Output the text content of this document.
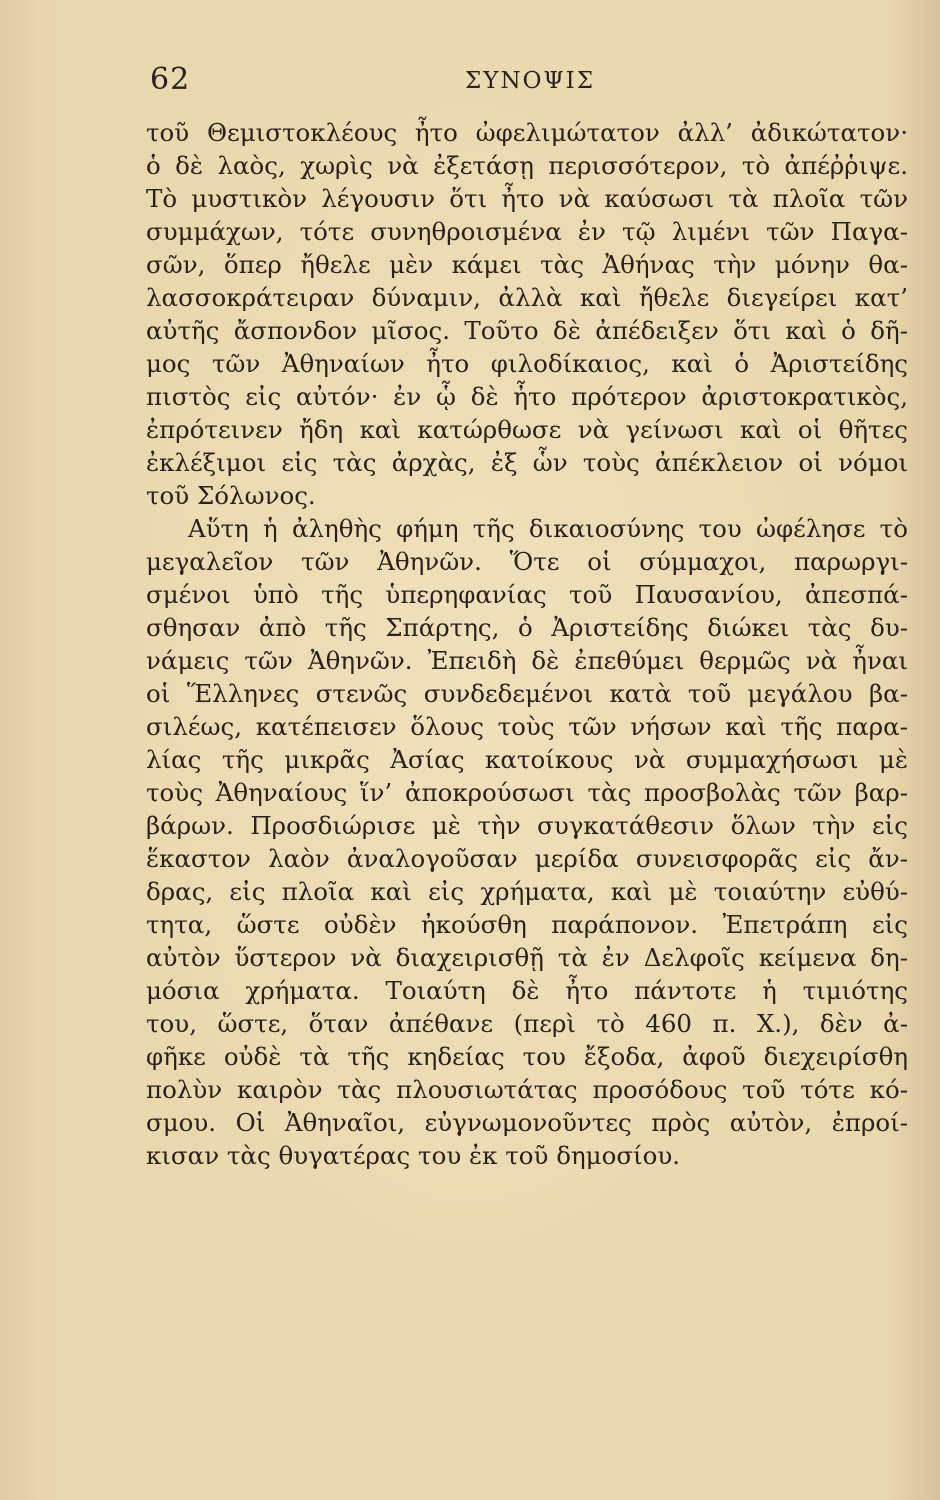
62	ΣΥΝΟΨΙΣ
τοῦ Θεμιστοκλέους ἦτο ὠφελιμώτατον ἀλλ’ ἀδικώτατον·
ὁ δὲ λαὸς, χωρὶς νὰ ἐξετάσῃ περισσότερον, τὸ ἀπέῤῥιψε.
Τὸ μυστικὸν λέγουσιν ὅτι ἦτο νὰ καύσωσι τὰ πλοῖα τῶν
συμμάχων, τότε συνηθροισμένα ἐν τῷ λιμένι τῶν Παγα-
σῶν, ὅπερ ἤθελε μὲν κάμει τὰς Ἀθήνας τὴν μόνην θα-
λασσοκράτειραν δύναμιν, ἀλλὰ καὶ ἤθελε διεγείρει κατ’
αὐτῆς ἄσπονδον μῖσος. Τοῦτο δὲ ἀπέδειξεν ὅτι καὶ ὁ δῆ-
μος τῶν Ἀθηναίων ἦτο φιλοδίκαιος, καὶ ὁ Ἀριστείδης
πιστὸς εἰς αὐτόν· ἐν ᾧ δὲ ἦτο πρότερον ἀριστοκρατικὸς,
ἐπρότεινεν ἤδη καὶ κατώρθωσε νὰ γείνωσι καὶ οἱ θῆτες
ἐκλέξιμοι εἰς τὰς ἀρχὰς, ἐξ ὧν τοὺς ἀπέκλειον οἱ νόμοι
τοῦ Σόλωνος.
Αὕτη ἡ ἀληθὴς φήμη τῆς δικαιοσύνης του ὠφέλησε τὸ
μεγαλεῖον τῶν Ἀθηνῶν. Ὅτε οἱ σύμμαχοι, παρωργι-
σμένοι ὑπὸ τῆς ὑπερηφανίας τοῦ Παυσανίου, ἀπεσπά-
σθησαν ἀπὸ τῆς Σπάρτης, ὁ Ἀριστείδης διώκει τὰς δυ-
νάμεις τῶν Ἀθηνῶν. Ἐπειδὴ δὲ ἐπεθύμει θερμῶς νὰ ἦναι
οἱ Ἕλληνες στενῶς συνδεδεμένοι κατὰ τοῦ μεγάλου βα-
σιλέως, κατέπεισεν ὅλους τοὺς τῶν νήσων καὶ τῆς παρα-
λίας τῆς μικρᾶς Ἀσίας κατοίκους νὰ συμμαχήσωσι μὲ
τοὺς Ἀθηναίους ἵν’ ἀποκρούσωσι τὰς προσβολὰς τῶν βαρ-
βάρων. Προσδιώρισε μὲ τὴν συγκατάθεσιν ὅλων τὴν εἰς
ἕκαστον λαὸν ἀναλογοῦσαν μερίδα συνεισφορᾶς εἰς ἄν-
δρας, εἰς πλοῖα καὶ εἰς χρήματα, καὶ μὲ τοιαύτην εὐθύ-
τητα, ὥστε οὐδὲν ἠκούσθη παράπονον. Ἐπετράπη εἰς
αὐτὸν ὕστερον νὰ διαχειρισθῇ τὰ ἐν Δελφοῖς κείμενα δη-
μόσια χρήματα. Τοιαύτη δὲ ἦτο πάντοτε ἡ τιμιότης
του, ὥστε, ὅταν ἀπέθανε (περὶ τὸ 460 π. Χ.), δὲν ἀ-
φῆκε οὐδὲ τὰ τῆς κηδείας του ἔξοδα, ἀφοῦ διεχειρίσθη
πολὺν καιρὸν τὰς πλουσιωτάτας προσόδους τοῦ τότε κό-
σμου. Οἱ Ἀθηναῖοι, εὐγνωμονοῦντες πρὸς αὐτὸν, ἐπροί-
κισαν τὰς θυγατέρας του ἐκ τοῦ δημοσίου.
